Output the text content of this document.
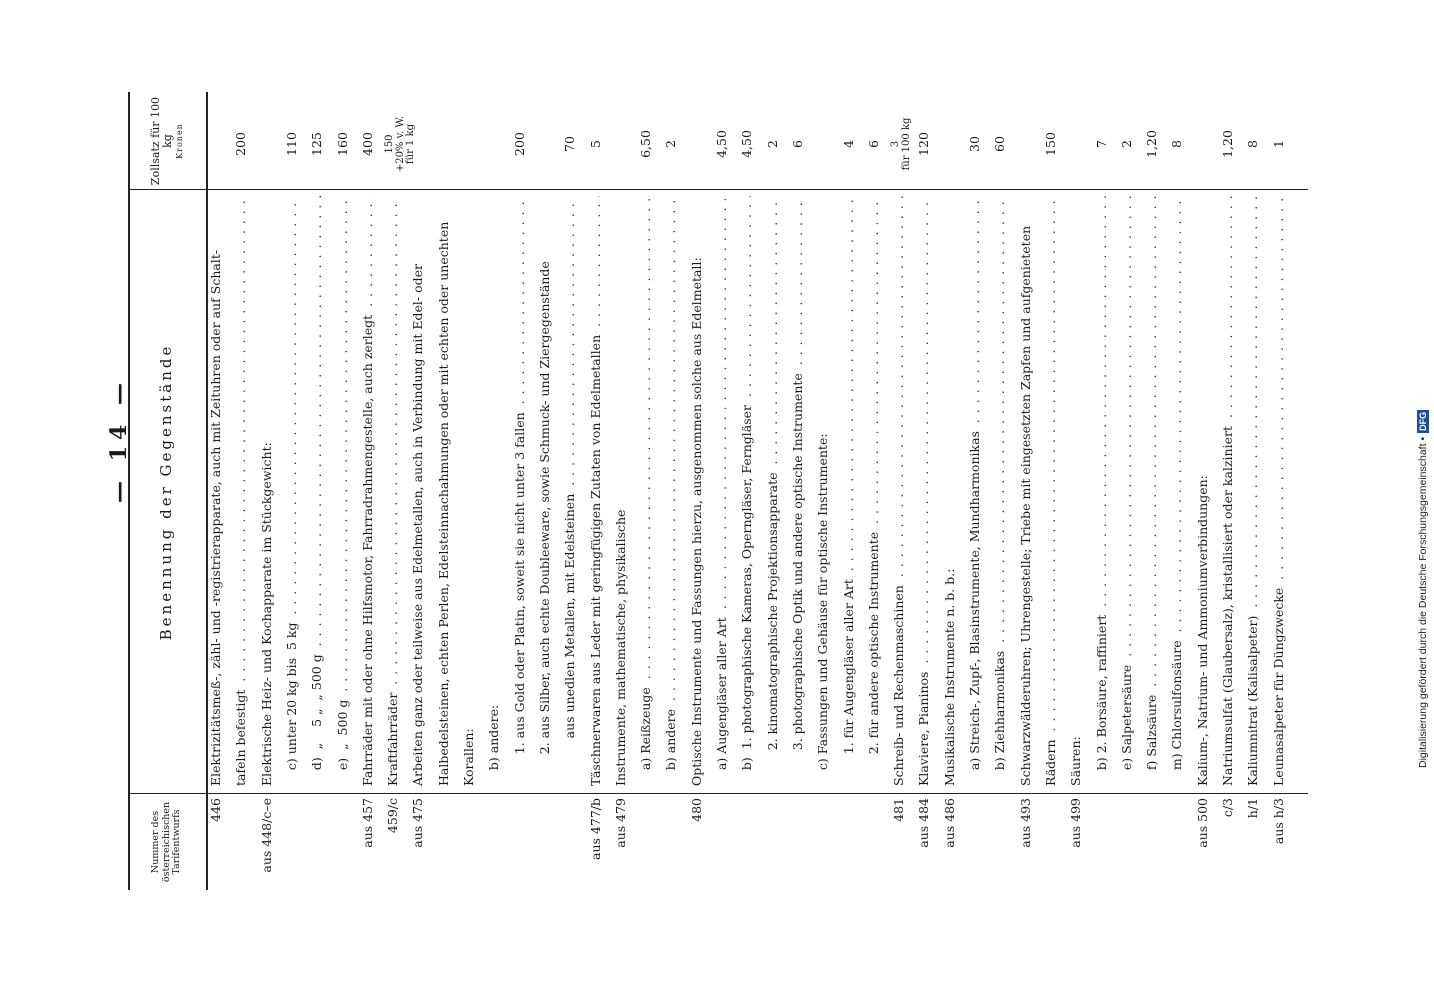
Digitalisierung gefördert durch die Deutsche Forschungsgemeinschaft •
DFG
— 14 —
Nummer des österreichischen Tarifentwurfs
Benennung der Gegenstände
Zollsatz für 100 kg Kronen
446
Elektrizitätsmeß-, zähl- und -registrierapparate, auch mit Zeituhren oder auf Schalt- tafeln befestigt . . .
200
aus 448/c–e
Elektrische Heiz- und Kochapparate im Stückgewicht: c) unter 20 kg bis  5 kg . . .
110
d)  „    5 „  „ 500 g . . .
125
e)  „  500 g . . .
160
aus 457
Fahrräder mit oder ohne Hilfsmotor, Fahrradrahmengestelle, auch zerlegt . . .
400
459/c
Kraftfahrräder . . .
150
+20% v. W.
für 1 kg
aus 475
Arbeiten ganz oder teilweise aus Edelmetallen, auch in Verbindung mit Edel- oder Halbedelsteinen, echten Perlen, Edelsteinnachahmungen oder mit echten oder unechten Korallen: b) andere: 1. aus Gold oder Platin, soweit sie nicht unter 3 fallen . . .
200
2. aus Silber, auch echte Doubleeware, sowie Schmuck- und Ziergegenstände aus unedlen Metallen, mit Edelsteinen . . .
70
aus 477/b
Täschnerwaren aus Leder mit geringfügigen Zutaten von Edelmetallen . . .
5
aus 479
Instrumente, mathematische, physikalische a) Reißzeuge . . .
6,50
b) andere . . .
2
480
Optische Instrumente und Fassungen hierzu, ausgenommen solche aus Edelmetall: a) Augengläser aller Art . . .
4,50
b)  1. photographische Kameras, Operngläser, Ferngläser . . .
4,50
2. kinomatographische Projektionsapparate . . .
2
3. photographische Optik und andere optische Instrumente . . .
6
c) Fassungen und Gehäuse für optische Instrumente: 1. für Augengläser aller Art . . .
4
2. für andere optische Instrumente . . .
6
481
Schreib- und Rechenmaschinen . . .
3
für 100 kg
aus 484
Klaviere, Pianinos . . .
120
aus 486
Musikalische Instrumente n. b. b.: a) Streich-, Zupf-, Blasinstrumente, Mundharmonikas . . .
30
b) Ziehharmonikas . . .
60
aus 493
Schwarzwälderuhren; Uhrengestelle; Triebe mit eingesetzten Zapfen und aufgenieteten Rädern . . .
150
aus 499
Säuren: b) 2. Borsäure, raffiniert . . .
7
e) Salpetersäure . . .
2
f) Salzsäure . . .
1,20
m) Chlorsulfonsäure . . .
8
aus 500
Kalium-, Natrium- und Ammoniumverbindungen:
c/3
Natriumsulfat (Glaubersalz), kristallisiert oder kalziniert . . .
1,20
h/1
Kaliumnitrat (Kalisalpeter) . . .
8
aus h/3
Leunasalpeter für Düngzwecke . . .
1
